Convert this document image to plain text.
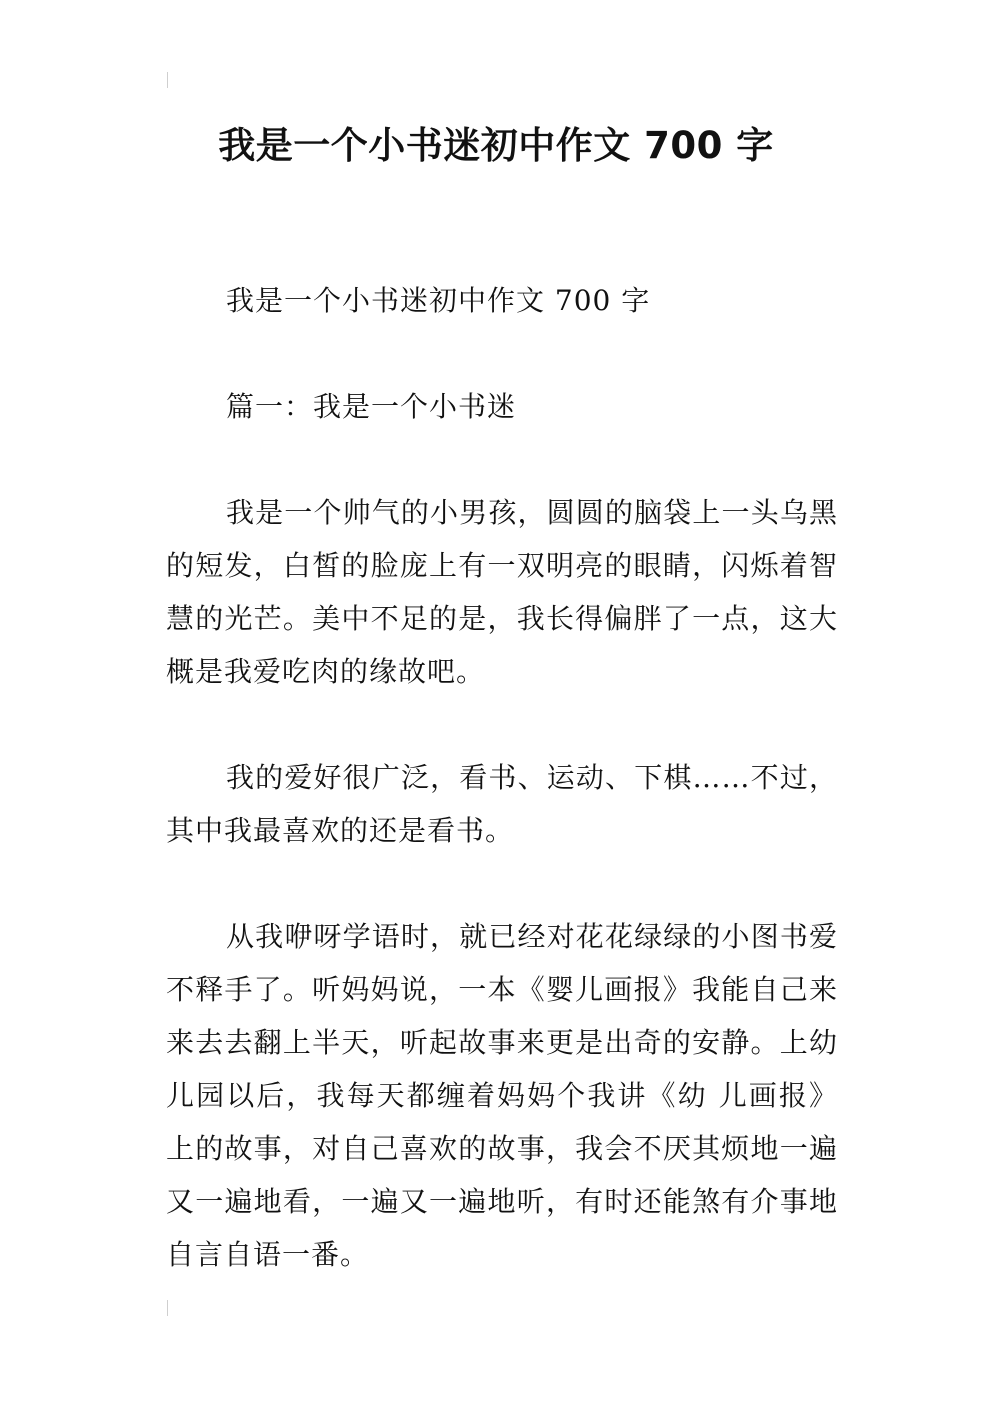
我是一个小书迷初中作文 700 字

我是一个小书迷初中作文 700 字

篇一：我是一个小书迷

我是一个帅气的小男孩，圆圆的脑袋上一头乌黑的短发，白皙的脸庞上有一双明亮的眼睛，闪烁着智慧的光芒。美中不足的是，我长得偏胖了一点，这大概是我爱吃肉的缘故吧。

我的爱好很广泛，看书、运动、下棋……不过，其中我最喜欢的还是看书。

从我咿呀学语时，就已经对花花绿绿的小图书爱不释手了。听妈妈说，一本《婴儿画报》我能自己来来去去翻上半天，听起故事来更是出奇的安静。上幼儿园以后，我每天都缠着妈妈个我讲《幼 儿画报》上的故事，对自己喜欢的故事，我会不厌其烦地一遍又一遍地看，一遍又一遍地听，有时还能煞有介事地自言自语一番。
